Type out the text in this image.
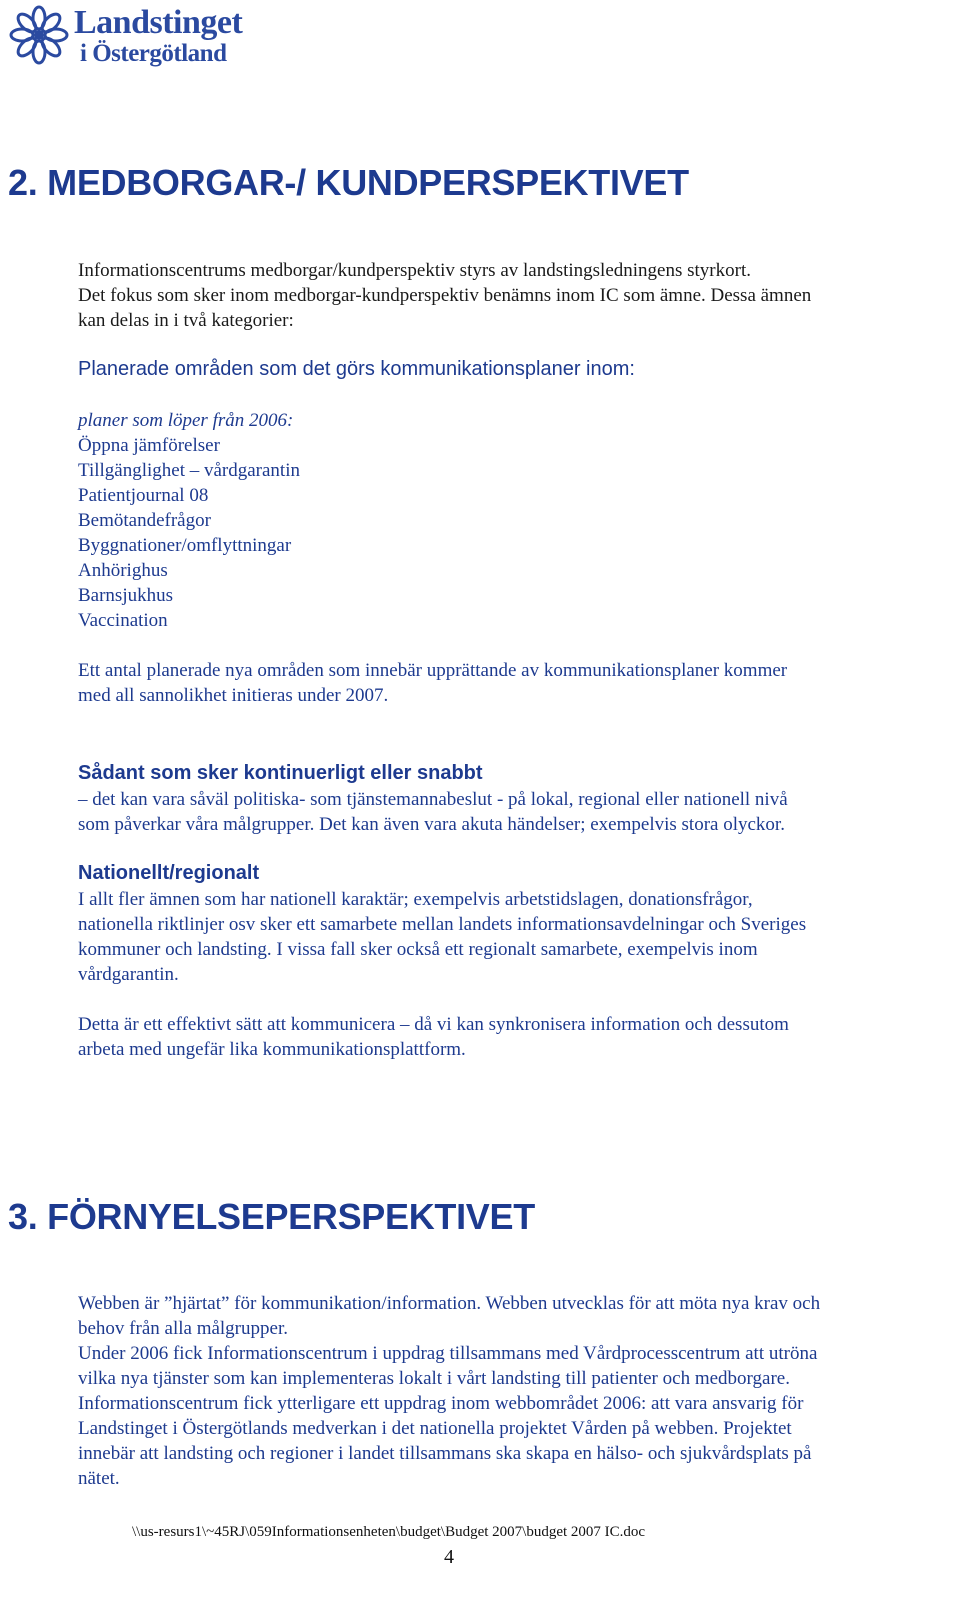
Landstinget
i Östergötland
2. MEDBORGAR-/ KUNDPERSPEKTIVET
Informationscentrums medborgar/kundperspektiv styrs av landstingsledningens styrkort.
Det fokus som sker inom medborgar-kundperspektiv benämns inom IC som ämne. Dessa ämnen
kan delas in i två kategorier:
Planerade områden som det görs kommunikationsplaner inom:
planer som löper från 2006:
Öppna jämförelser
Tillgänglighet – vårdgarantin
Patientjournal 08
Bemötandefrågor
Byggnationer/omflyttningar
Anhörighus
Barnsjukhus
Vaccination
Ett antal planerade nya områden som innebär upprättande av kommunikationsplaner kommer
med all sannolikhet initieras under 2007.
Sådant som sker kontinuerligt eller snabbt
– det kan vara såväl politiska- som tjänstemannabeslut - på lokal, regional eller nationell nivå
som påverkar våra målgrupper. Det kan även vara akuta händelser; exempelvis stora olyckor.
Nationellt/regionalt
I allt fler ämnen som har nationell karaktär; exempelvis arbetstidslagen, donationsfrågor,
nationella riktlinjer osv sker ett samarbete mellan landets informationsavdelningar och Sveriges
kommuner och landsting. I vissa fall sker också ett regionalt samarbete, exempelvis inom
vårdgarantin.
Detta är ett effektivt sätt att kommunicera – då vi kan synkronisera information och dessutom
arbeta med ungefär lika kommunikationsplattform.
3. FÖRNYELSEPERSPEKTIVET
Webben är ”hjärtat” för kommunikation/information. Webben utvecklas för att möta nya krav och
behov från alla målgrupper.
Under 2006 fick Informationscentrum i uppdrag tillsammans med Vårdprocesscentrum att utröna
vilka nya tjänster som kan implementeras lokalt i vårt landsting till patienter och medborgare.
Informationscentrum fick ytterligare ett uppdrag inom webbområdet 2006: att vara ansvarig för
Landstinget i Östergötlands medverkan i det nationella projektet Vården på webben. Projektet
innebär att landsting och regioner i landet tillsammans ska skapa en hälso- och sjukvårdsplats på
nätet.
\\us-resurs1\~45RJ\059Informationsenheten\budget\Budget 2007\budget 2007 IC.doc
4
